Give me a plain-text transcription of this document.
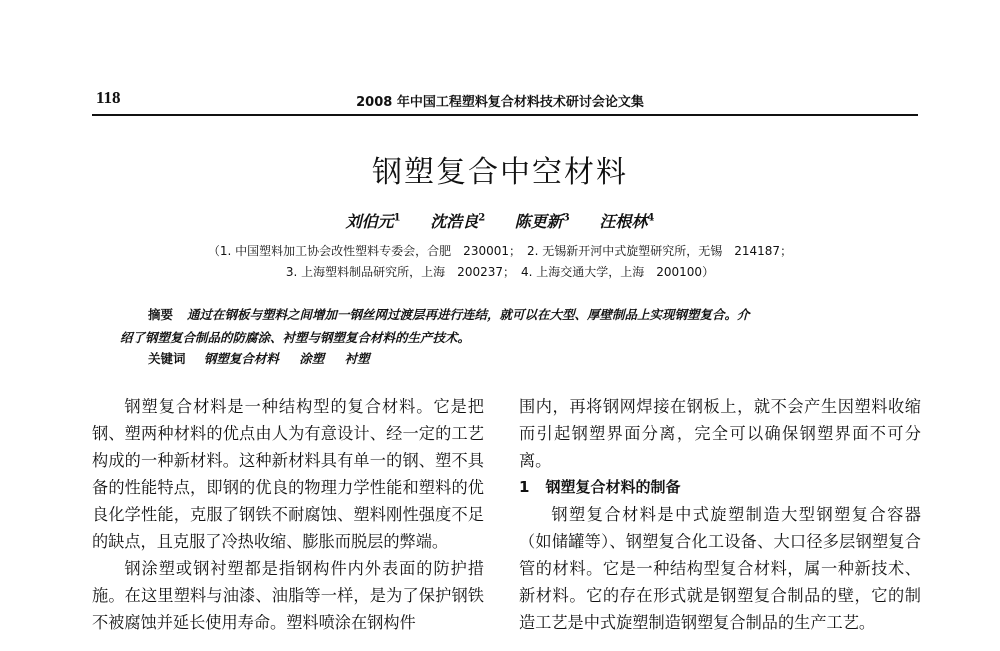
118	2008 年中国工程塑料复合材料技术研讨会论文集
钢塑复合中空材料
刘伯元$^1$ 沈浩良$^2$ 陈更新$^3$ 汪根林$^4$
（1. 中国塑料加工协会改性塑料专委会，合肥　230001；　2. 无锡新开河中式旋塑研究所，无锡　214187；
3. 上海塑料制品研究所，上海　200237；　4. 上海交通大学，上海　200100）
摘要 通过在钢板与塑料之间增加一钢丝网过渡层再进行连结，就可以在大型、厚壁制品上实现钢塑复合。介
绍了钢塑复合制品的防腐涂、衬塑与钢塑复合材料的生产技术。
关键词 钢塑复合材料 涂塑 衬塑

钢塑复合材料是一种结构型的复合材料。它是把钢、塑两种材料的优点由人为有意设计、经一定的工艺构成的一种新材料。这种新材料具有单一的钢、塑不具备的性能特点，即钢的优良的物理力学性能和塑料的优良化学性能，克服了钢铁不耐腐蚀、塑料刚性强度不足的缺点，且克服了冷热收缩、膨胀而脱层的弊端。

钢涂塑或钢衬塑都是指钢构件内外表面的防护措施。在这里塑料与油漆、油脂等一样，是为了保护钢铁不被腐蚀并延长使用寿命。塑料喷涂在钢构件

围内，再将钢网焊接在钢板上，就不会产生因塑料收缩而引起钢塑界面分离，完全可以确保钢塑界面不可分离。

1 钢塑复合材料的制备

钢塑复合材料是中式旋塑制造大型钢塑复合容器（如储罐等）、钢塑复合化工设备、大口径多层钢塑复合管的材料。它是一种结构型复合材料，属一种新技术、新材料。它的存在形式就是钢塑复合制品的壁，它的制造工艺是中式旋塑制造钢塑复合制品的生产工艺。
